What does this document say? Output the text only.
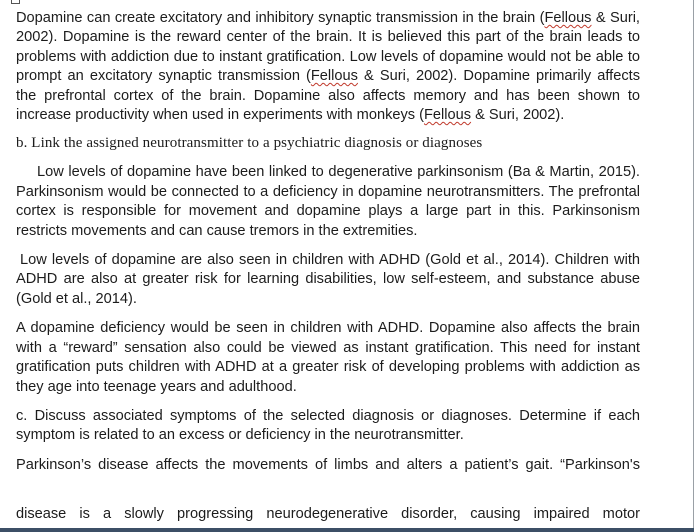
Dopamine can create excitatory and inhibitory synaptic transmission in the brain (Fellous & Suri, 2002). Dopamine is the reward center of the brain. It is believed this part of the brain leads to problems with addiction due to instant gratification. Low levels of dopamine would not be able to prompt an excitatory synaptic transmission (Fellous & Suri, 2002). Dopamine primarily affects the prefrontal cortex of the brain. Dopamine also affects memory and has been shown to increase productivity when used in experiments with monkeys (Fellous & Suri, 2002).

b. Link the assigned neurotransmitter to a psychiatric diagnosis or diagnoses

Low levels of dopamine have been linked to degenerative parkinsonism (Ba & Martin, 2015). Parkinsonism would be connected to a deficiency in dopamine neurotransmitters. The prefrontal cortex is responsible for movement and dopamine plays a large part in this. Parkinsonism restricts movements and can cause tremors in the extremities.

Low levels of dopamine are also seen in children with ADHD (Gold et al., 2014). Children with ADHD are also at greater risk for learning disabilities, low self-esteem, and substance abuse (Gold et al., 2014).

A dopamine deficiency would be seen in children with ADHD. Dopamine also affects the brain with a “reward” sensation also could be viewed as instant gratification. This need for instant gratification puts children with ADHD at a greater risk of developing problems with addiction as they age into teenage years and adulthood.

c. Discuss associated symptoms of the selected diagnosis or diagnoses. Determine if each symptom is related to an excess or deficiency in the neurotransmitter.

Parkinson’s disease affects the movements of limbs and alters a patient’s gait. “Parkinson's

disease is a slowly progressing neurodegenerative disorder, causing impaired motor
